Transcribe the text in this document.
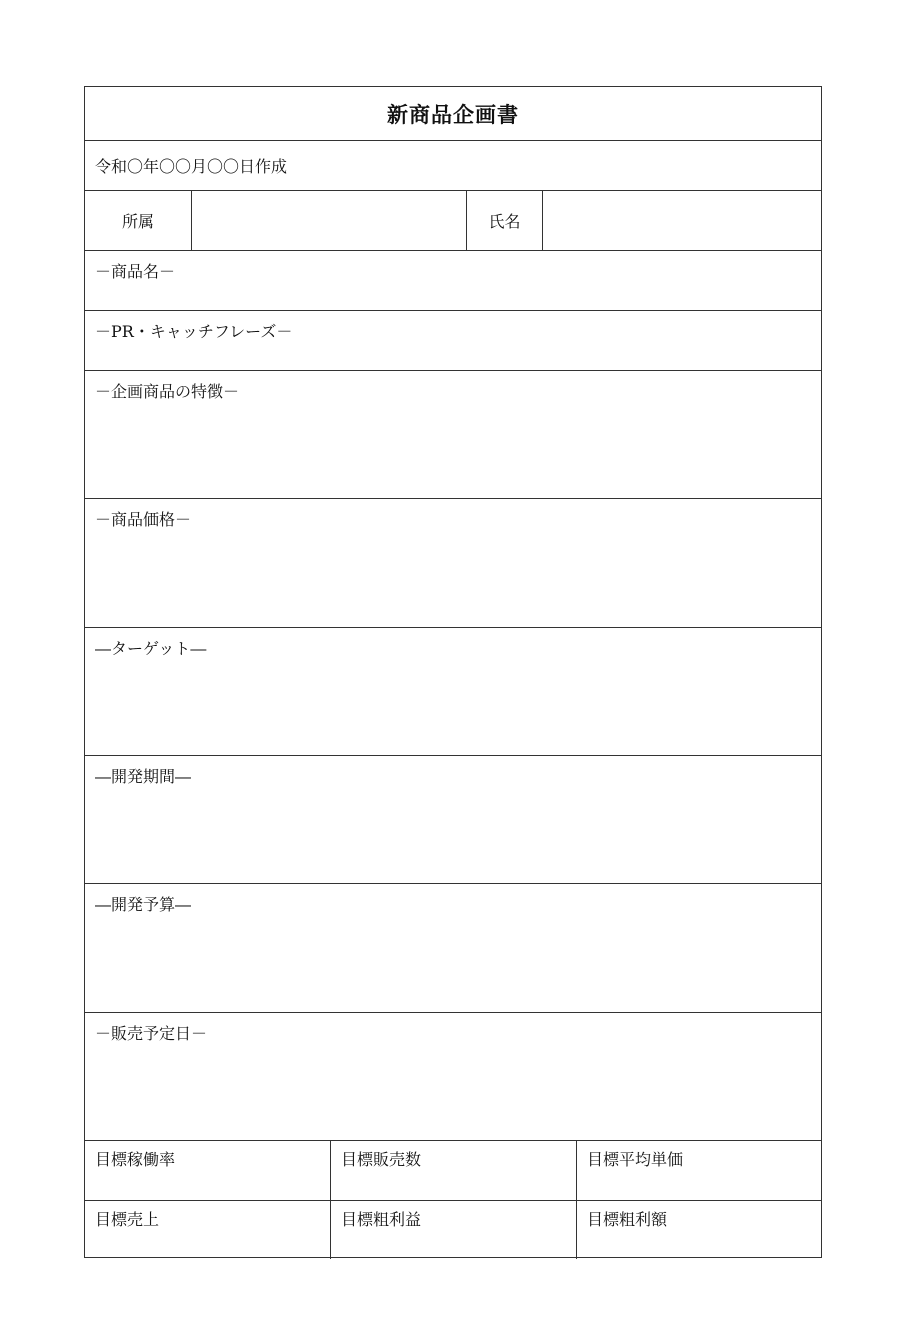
新商品企画書
令和〇年〇〇月〇〇日作成
所属	氏名
－商品名－
－PR・キャッチフレーズ－
－企画商品の特徴－
－商品価格－
―ターゲット―
―開発期間―
―開発予算―
－販売予定日－
目標稼働率	目標販売数	目標平均単価
目標売上	目標粗利益	目標粗利額
